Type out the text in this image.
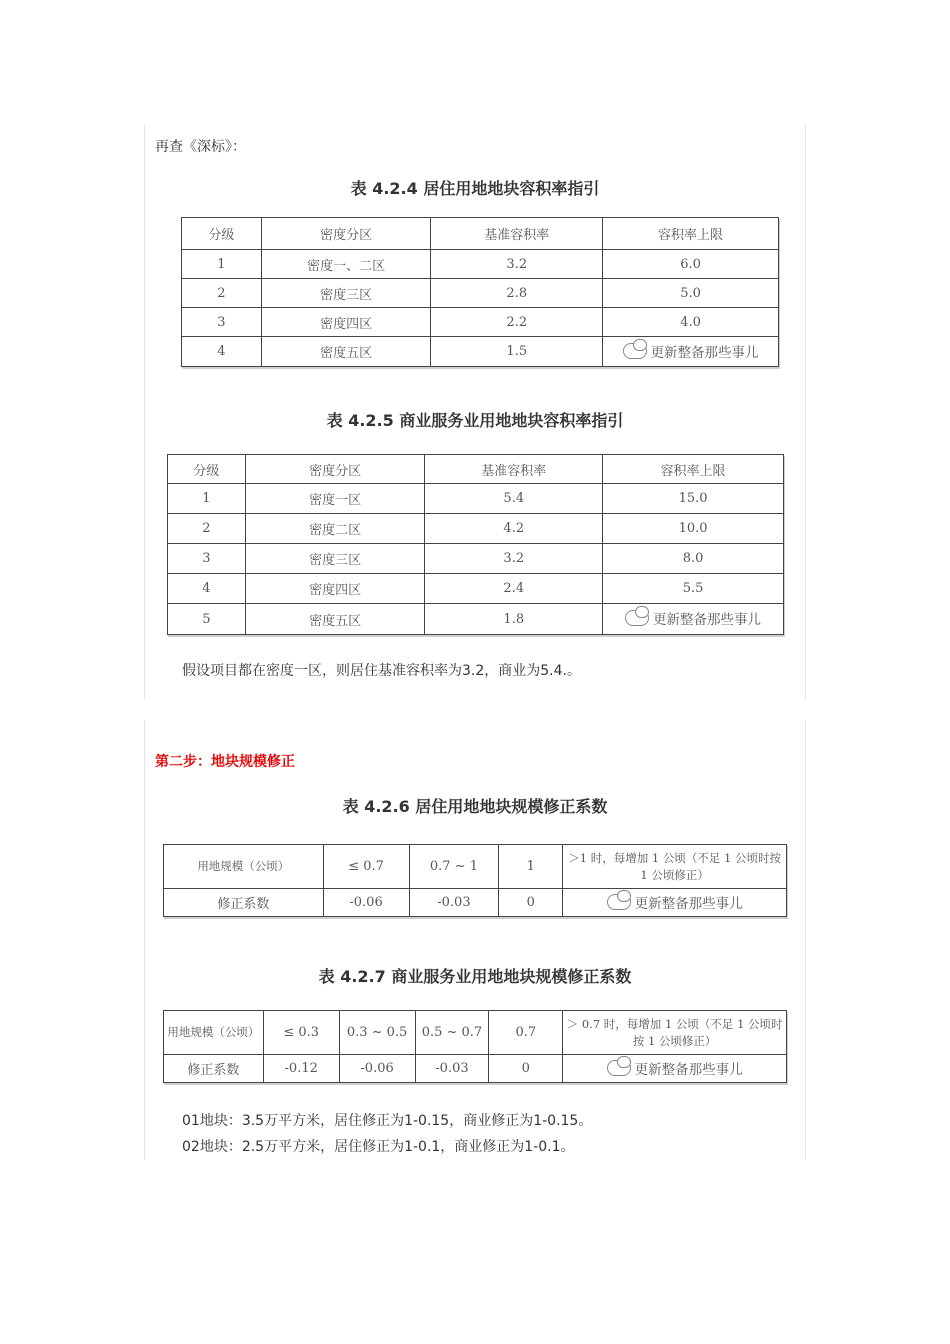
再查《深标》：
表 4.2.4 居住用地地块容积率指引
分级	密度分区	基准容积率	容积率上限
1	密度一、二区	3.2	6.0
2	密度三区	2.8	5.0
3	密度四区	2.2	4.0
4	密度五区	1.5	更新整备那些事儿
表 4.2.5 商业服务业用地地块容积率指引
分级	密度分区	基准容积率	容积率上限
1	密度一区	5.4	15.0
2	密度二区	4.2	10.0
3	密度三区	3.2	8.0
4	密度四区	2.4	5.5
5	密度五区	1.8	更新整备那些事儿
假设项目都在密度一区，则居住基准容积率为3.2，商业为5.4.。
第二步：地块规模修正
表 4.2.6 居住用地地块规模修正系数
用地规模（公顷）	≤ 0.7	0.7 ~ 1	1	＞1 时，每增加 1 公顷（不足 1 公顷时按 1 公顷修正）
修正系数	-0.06	-0.03	0	更新整备那些事儿
表 4.2.7 商业服务业用地地块规模修正系数
用地规模（公顷）	≤ 0.3	0.3 ~ 0.5	0.5 ~ 0.7	0.7	＞ 0.7 时，每增加 1 公顷（不足 1 公顷时按 1 公顷修正）
修正系数	-0.12	-0.06	-0.03	0	更新整备那些事儿
01地块：3.5万平方米，居住修正为1-0.15，商业修正为1-0.15。
02地块：2.5万平方米，居住修正为1-0.1，商业修正为1-0.1。
